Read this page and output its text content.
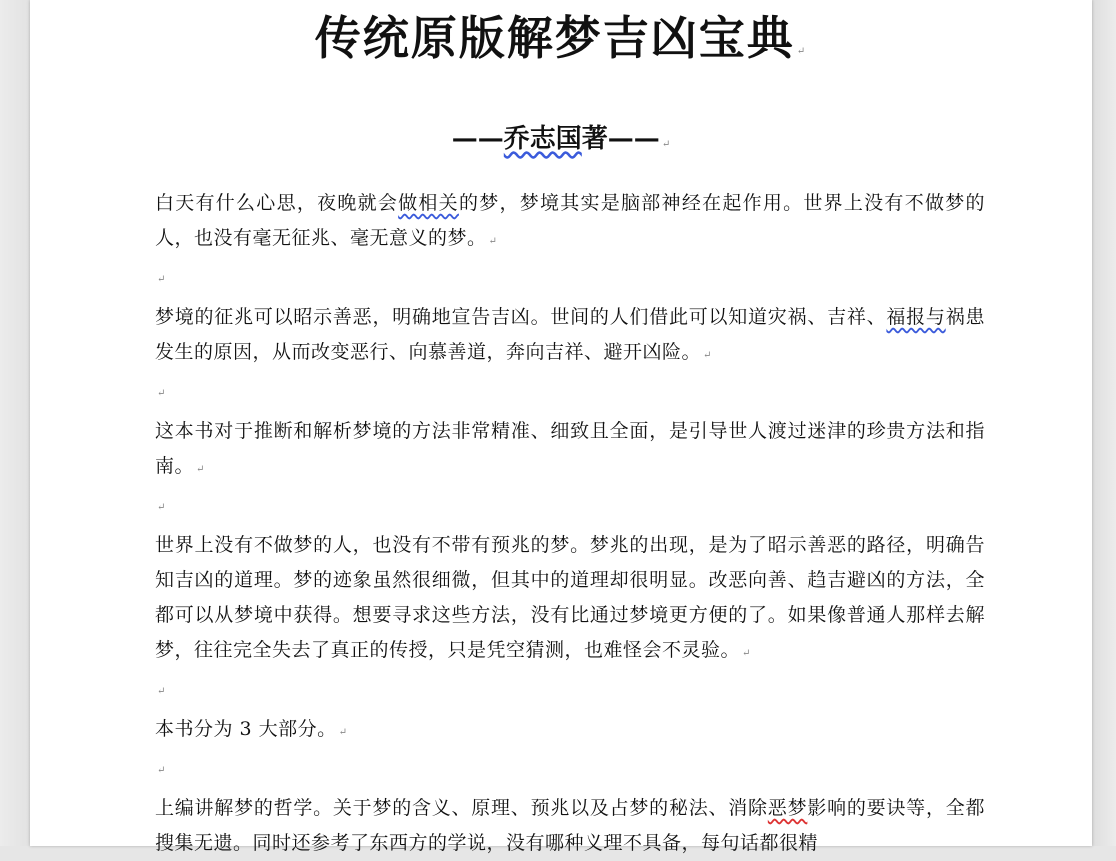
传统原版解梦吉凶宝典 ↵
——乔志国著—— ↵

白天有什么心思，夜晚就会做相关的梦，梦境其实是脑部神经在起作用。世界上没有不做梦的人，也没有毫无征兆、毫无意义的梦。 ↵

↵

梦境的征兆可以昭示善恶，明确地宣告吉凶。世间的人们借此可以知道灾祸、吉祥、福报与祸患发生的原因，从而改变恶行、向慕善道，奔向吉祥、避开凶险。 ↵

↵

这本书对于推断和解析梦境的方法非常精准、细致且全面，是引导世人渡过迷津的珍贵方法和指南。 ↵

↵

世界上没有不做梦的人，也没有不带有预兆的梦。梦兆的出现，是为了昭示善恶的路径，明确告知吉凶的道理。梦的迹象虽然很细微，但其中的道理却很明显。改恶向善、趋吉避凶的方法，全都可以从梦境中获得。想要寻求这些方法，没有比通过梦境更方便的了。如果像普通人那样去解梦，往往完全失去了真正的传授，只是凭空猜测，也难怪会不灵验。 ↵

↵

本书分为 3 大部分。 ↵

↵

上编讲解梦的哲学。关于梦的含义、原理、预兆以及占梦的秘法、消除恶梦影响的要诀等，全都搜集无遗。同时还参考了东西方的学说，没有哪种义理不具备，每句话都很精
